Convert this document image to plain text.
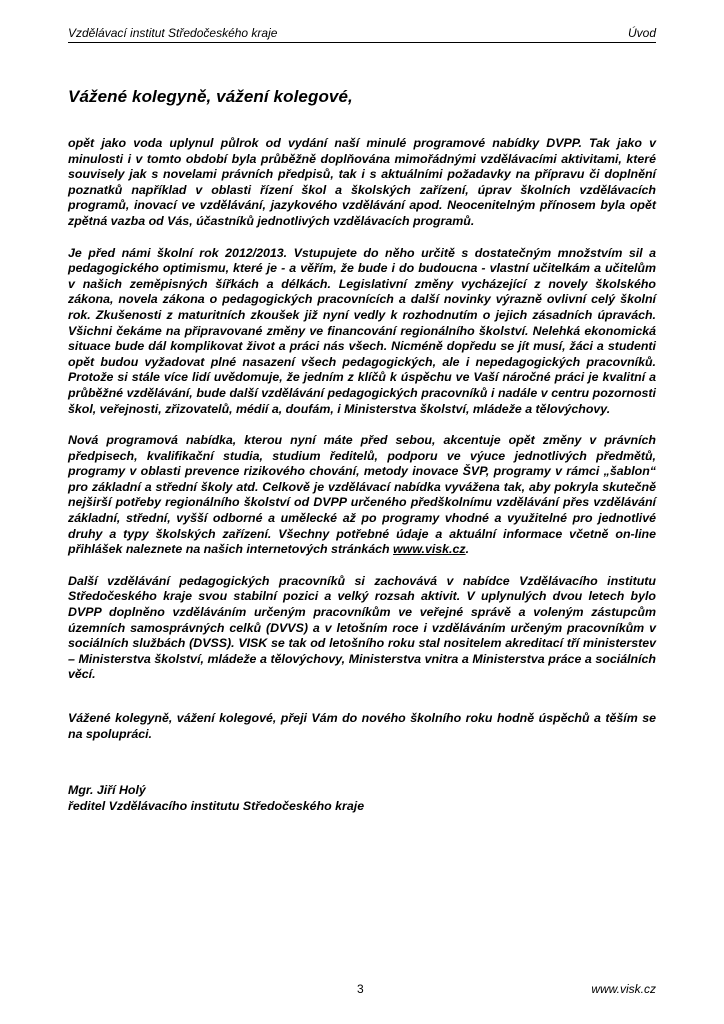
Vzdělávací institut Středočeského kraje	Úvod
Vážené kolegyně, vážení kolegové,

opět jako voda uplynul půlrok od vydání naší minulé programové nabídky DVPP. Tak jako v minulosti i v tomto období byla průběžně doplňována mimořádnými vzdělávacími aktivitami, které souvisely jak s novelami právních předpisů, tak i s aktuálními požadavky na přípravu či doplnění poznatků například v oblasti řízení škol a školských zařízení, úprav školních vzdělávacích programů, inovací ve vzdělávání, jazykového vzdělávání apod. Neocenitelným přínosem byla opět zpětná vazba od Vás, účastníků jednotlivých vzdělávacích programů.

Je před námi školní rok 2012/2013. Vstupujete do něho určitě s dostatečným množstvím sil a pedagogického optimismu, které je - a věřím, že bude i do budoucna - vlastní učitelkám a učitelům v našich zeměpisných šířkách a délkách. Legislativní změny vycházející z novely školského zákona, novela zákona o pedagogických pracovnících a další novinky výrazně ovlivní celý školní rok. Zkušenosti z maturitních zkoušek již nyní vedly k rozhodnutím o jejich zásadních úpravách. Všichni čekáme na připravované změny ve financování regionálního školství. Nelehká ekonomická situace bude dál komplikovat život a práci nás všech. Nicméně dopředu se jít musí, žáci a studenti opět budou vyžadovat plné nasazení všech pedagogických, ale i nepedagogických pracovníků. Protože si stále více lidí uvědomuje, že jedním z klíčů k úspěchu ve Vaší náročné práci je kvalitní a průběžné vzdělávání, bude další vzdělávání pedagogických pracovníků i nadále v centru pozornosti škol, veřejnosti, zřizovatelů, médií a, doufám, i Ministerstva školství, mládeže a tělovýchovy.

Nová programová nabídka, kterou nyní máte před sebou, akcentuje opět změny v právních předpisech, kvalifikační studia, studium ředitelů, podporu ve výuce jednotlivých předmětů, programy v oblasti prevence rizikového chování, metody inovace ŠVP, programy v rámci „šablon“ pro základní a střední školy atd. Celkově je vzdělávací nabídka vyvážena tak, aby pokryla skutečně nejširší potřeby regionálního školství od DVPP určeného předškolnímu vzdělávání přes vzdělávání základní, střední, vyšší odborné a umělecké až po programy vhodné a využitelné pro jednotlivé druhy a typy školských zařízení. Všechny potřebné údaje a aktuální informace včetně on-line přihlášek naleznete na našich internetových stránkách www.visk.cz.

Další vzdělávání pedagogických pracovníků si zachovává v nabídce Vzdělávacího institutu Středočeského kraje svou stabilní pozici a velký rozsah aktivit. V uplynulých dvou letech bylo DVPP doplněno vzděláváním určeným pracovníkům ve veřejné správě a voleným zástupcům územních samosprávných celků (DVVS) a v letošním roce i vzděláváním určeným pracovníkům v sociálních službách (DVSS). VISK se tak od letošního roku stal nositelem akreditací tří ministerstev – Ministerstva školství, mládeže a tělovýchovy, Ministerstva vnitra a Ministerstva práce a sociálních věcí.

Vážené kolegyně, vážení kolegové, přeji Vám do nového školního roku hodně úspěchů a těším se na spolupráci.

Mgr. Jiří Holý
ředitel Vzdělávacího institutu Středočeského kraje
3	www.visk.cz
